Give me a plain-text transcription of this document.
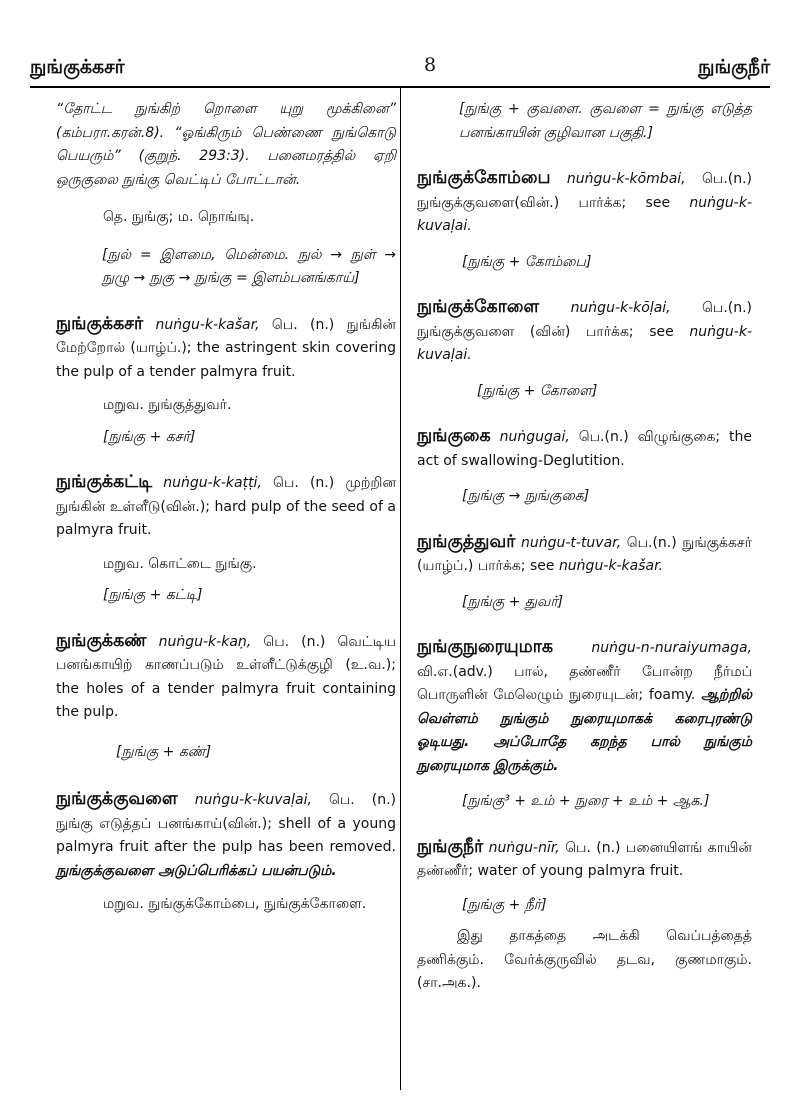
நுங்குக்கசர்	8	நுங்குநீர்

“தோட்ட நுங்கிற் றொளை யுறு மூக்கினை” (கம்பரா.கரன்.8). “ஓங்கிரும் பெண்ணை நுங்கொடு பெயரும்” (குறுந். 293:3). பனைமரத்தில் ஏறி ஒருகுலை நுங்கு வெட்டிப் போட்டான்.

தெ. நுங்கு; ம. நொங்ஙு.

[நுல் = இளமை, மென்மை. நுல் → நுள் → நுழு → நுகு → நுங்கு = இளம்பனங்காய்]

நுங்குக்கசர் nuṅgu-k-kašar, பெ. (n.) நுங்கின் மேற்றோல் (யாழ்ப்.); the astringent skin covering the pulp of a tender palmyra fruit.

மறுவ. நுங்குத்துவர்.

[நுங்கு + கசர்]

நுங்குக்கட்டி nuṅgu-k-kaṭṭi, பெ. (n.) முற்றின நுங்கின் உள்ளீடு(வின்.); hard pulp of the seed of a palmyra fruit.

மறுவ. கொட்டை நுங்கு.

[நுங்கு + கட்டி]

நுங்குக்கண் nuṅgu-k-kaṇ, பெ. (n.) வெட்டிய பனங்காயிற் காணப்படும் உள்ளீட்டுக்குழி (உ.வ.); the holes of a tender palmyra fruit containing the pulp.

[நுங்கு + கண்]

நுங்குக்குவளை nuṅgu-k-kuvaḷai, பெ. (n.) நுங்கு எடுத்தப் பனங்காய்(வின்.); shell of a young palmyra fruit after the pulp has been removed. நுங்குக்குவளை அடுப்பெரிக்கப் பயன்படும்.

மறுவ. நுங்குக்கோம்பை, நுங்குக்கோளை.

[நுங்கு + குவளை. குவளை = நுங்கு எடுத்த பனங்காயின் குழிவான பகுதி.]

நுங்குக்கோம்பை nuṅgu-k-kōmbai, பெ.(n.) நுங்குக்குவளை(வின்.) பார்க்க; see nuṅgu-k-kuvaḷai.

[நுங்கு + கோம்பை]

நுங்குக்கோளை nuṅgu-k-kōḷai, பெ.(n.) நுங்குக்குவளை (வின்) பார்க்க; see nuṅgu-k-kuvaḷai.

[நுங்கு + கோளை]

நுங்குகை nuṅgugai, பெ.(n.) விழுங்குகை; the act of swallowing-Deglutition.

[நுங்கு → நுங்குகை]

நுங்குத்துவர் nuṅgu-t-tuvar, பெ.(n.) நுங்குக்கசர் (யாழ்ப்.) பார்க்க; see nuṅgu-k-kašar.

[நுங்கு + துவர்]

நுங்குநுரையுமாக	nuṅgu-n-nuraiyumaga, வி.எ.(adv.) பால், தண்ணீர் போன்ற நீர்மப் பொருளின் மேலெழும் நுரையுடன்; foamy. ஆற்றில் வெள்ளம் நுங்கும் நுரையுமாகக் கரைபுரண்டு ஓடியது. அப்போதே கறந்த பால் நுங்கும் நுரையுமாக இருக்கும்.

[நுங்கு³ + உம் + நுரை + உம் + ஆக.]

நுங்குநீர் nuṅgu-nīr, பெ. (n.) பனையிளங் காயின் தண்ணீர்; water of young palmyra fruit.

[நுங்கு + நீர்]

இது தாகத்தை அடக்கி வெப்பத்தைத் தணிக்கும். வேர்க்குருவில் தடவ, குணமாகும். (சா.அக.).
